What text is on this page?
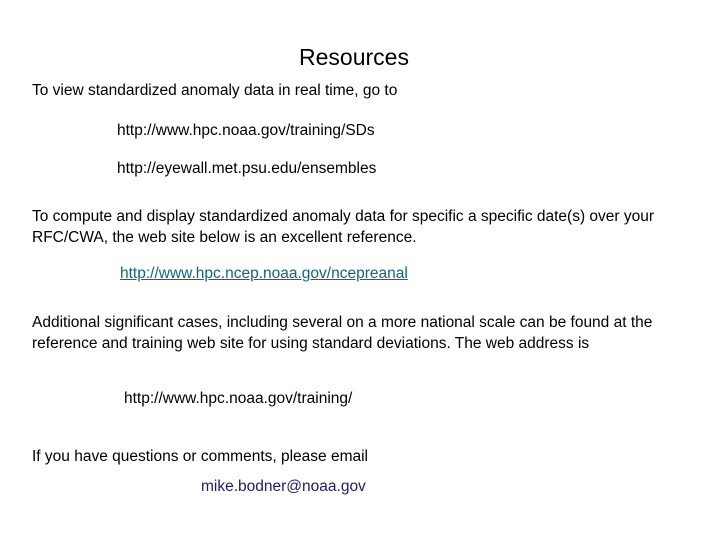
Resources
To view standardized anomaly data in real time, go to
http://www.hpc.noaa.gov/training/SDs
http://eyewall.met.psu.edu/ensembles
To compute and display standardized anomaly data for specific a specific date(s) over your RFC/CWA, the web site below is an excellent reference.
http://www.hpc.ncep.noaa.gov/ncepreanal
Additional significant cases, including several on a more national scale can be found at the reference and training web site for using standard deviations. The web address is
http://www.hpc.noaa.gov/training/
If you have questions or comments, please email
mike.bodner@noaa.gov
